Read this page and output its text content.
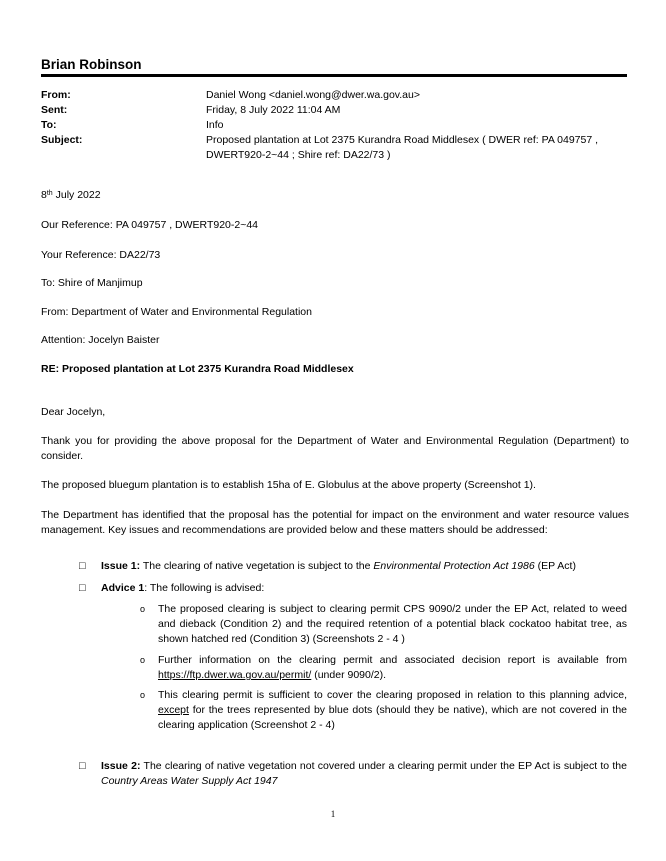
Brian Robinson
From:	Daniel Wong <daniel.wong@dwer.wa.gov.au>
Sent:	Friday, 8 July 2022 11:04 AM
To:	Info
Subject:	Proposed plantation at Lot 2375 Kurandra Road Middlesex ( DWER ref: PA 049757 ,
DWERT920-2~44 ; Shire ref: DA22/73 )
8th July 2022
Our Reference: PA 049757 , DWERT920-2~44
Your Reference: DA22/73
To: Shire of Manjimup
From: Department of Water and Environmental Regulation
Attention: Jocelyn Baister
RE: Proposed plantation at Lot 2375 Kurandra Road Middlesex
Dear Jocelyn,
Thank you for providing the above proposal for the Department of Water and Environmental Regulation (Department) to consider.
The proposed bluegum plantation is to establish 15ha of E. Globulus at the above property (Screenshot 1).
The Department has identified that the proposal has the potential for impact on the environment and water resource values management. Key issues and recommendations are provided below and these matters should be addressed:
□ Issue 1: The clearing of native vegetation is subject to the Environmental Protection Act 1986 (EP Act)
□ Advice 1: The following is advised:
o The proposed clearing is subject to clearing permit CPS 9090/2 under the EP Act, related to weed and dieback (Condition 2) and the required retention of a potential black cockatoo habitat tree, as shown hatched red (Condition 3) (Screenshots 2 - 4 )
o Further information on the clearing permit and associated decision report is available from https://ftp.dwer.wa.gov.au/permit/ (under 9090/2).
o This clearing permit is sufficient to cover the clearing proposed in relation to this planning advice, except for the trees represented by blue dots (should they be native), which are not covered in the clearing application (Screenshot 2 - 4)
□ Issue 2: The clearing of native vegetation not covered under a clearing permit under the EP Act is subject to the Country Areas Water Supply Act 1947
1
